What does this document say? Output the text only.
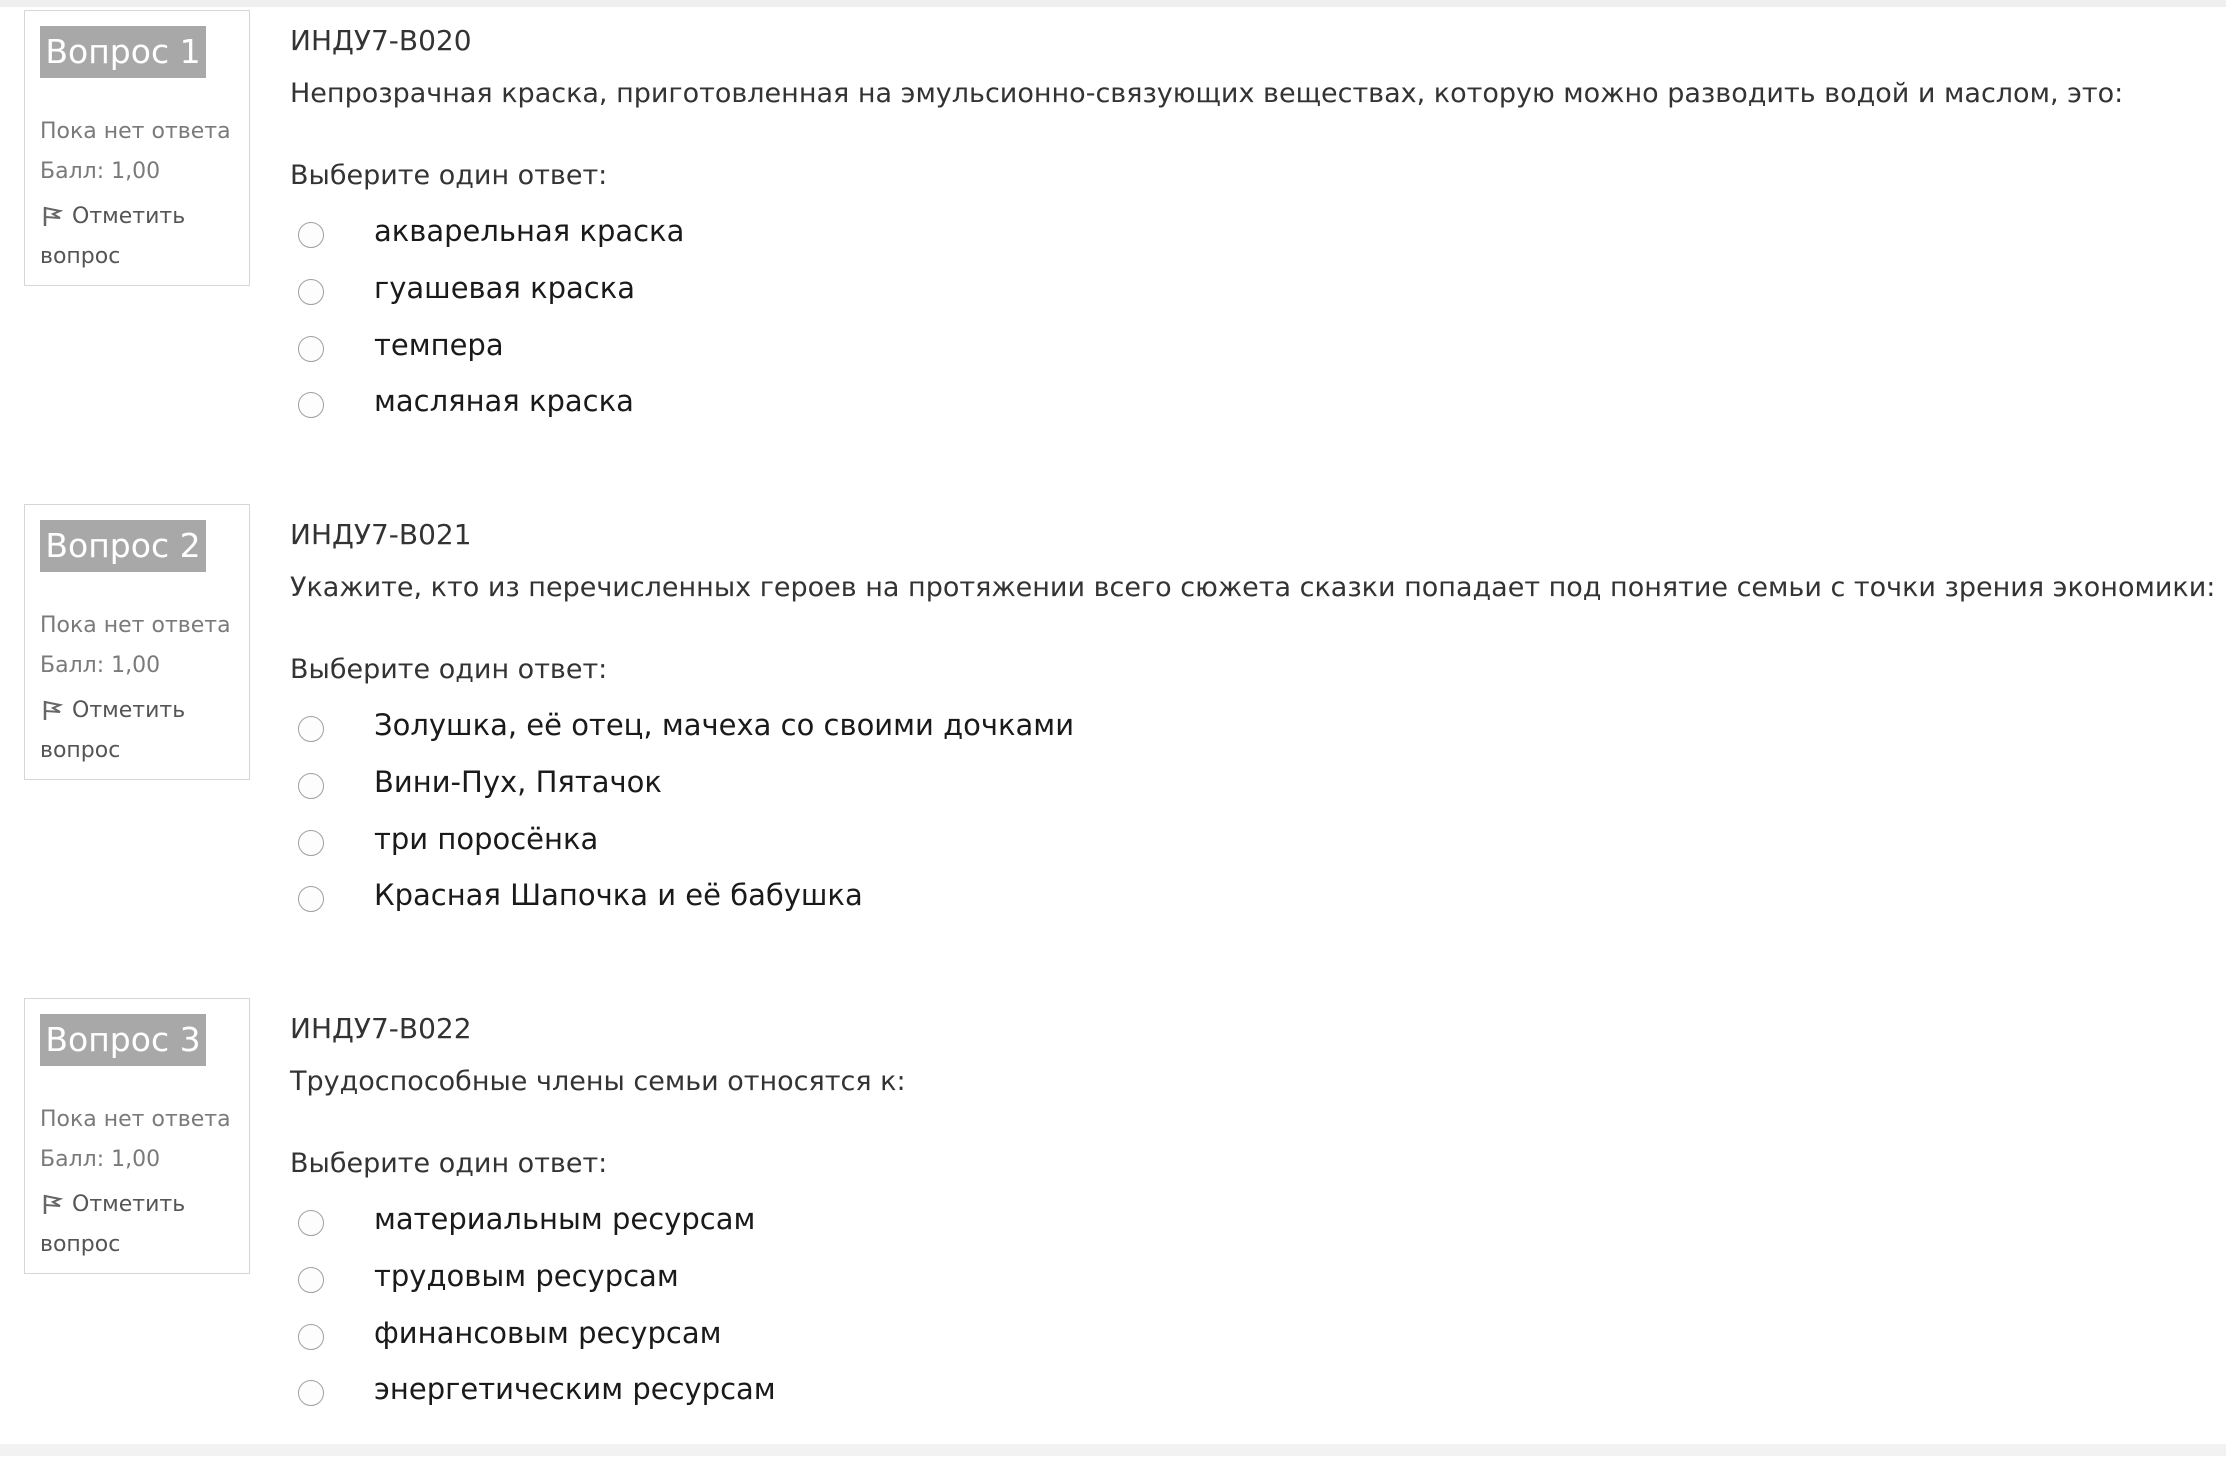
Вопрос 1
Пока нет ответа
Балл: 1,00
Отметить вопрос
ИНДУ7-В020
Непрозрачная краска, приготовленная на эмульсионно-связующих веществах, которую можно разводить водой и маслом, это:
Выберите один ответ:
акварельная краска
гуашевая краска
темпера
масляная краска
Вопрос 2
Пока нет ответа
Балл: 1,00
Отметить вопрос
ИНДУ7-В021
Укажите, кто из перечисленных героев на протяжении всего сюжета сказки попадает под понятие семьи с точки зрения экономики:
Выберите один ответ:
Золушка, её отец, мачеха со своими дочками
Вини-Пух, Пятачок
три поросёнка
Красная Шапочка и её бабушка
Вопрос 3
Пока нет ответа
Балл: 1,00
Отметить вопрос
ИНДУ7-В022
Трудоспособные члены семьи относятся к:
Выберите один ответ:
материальным ресурсам
трудовым ресурсам
финансовым ресурсам
энергетическим ресурсам
